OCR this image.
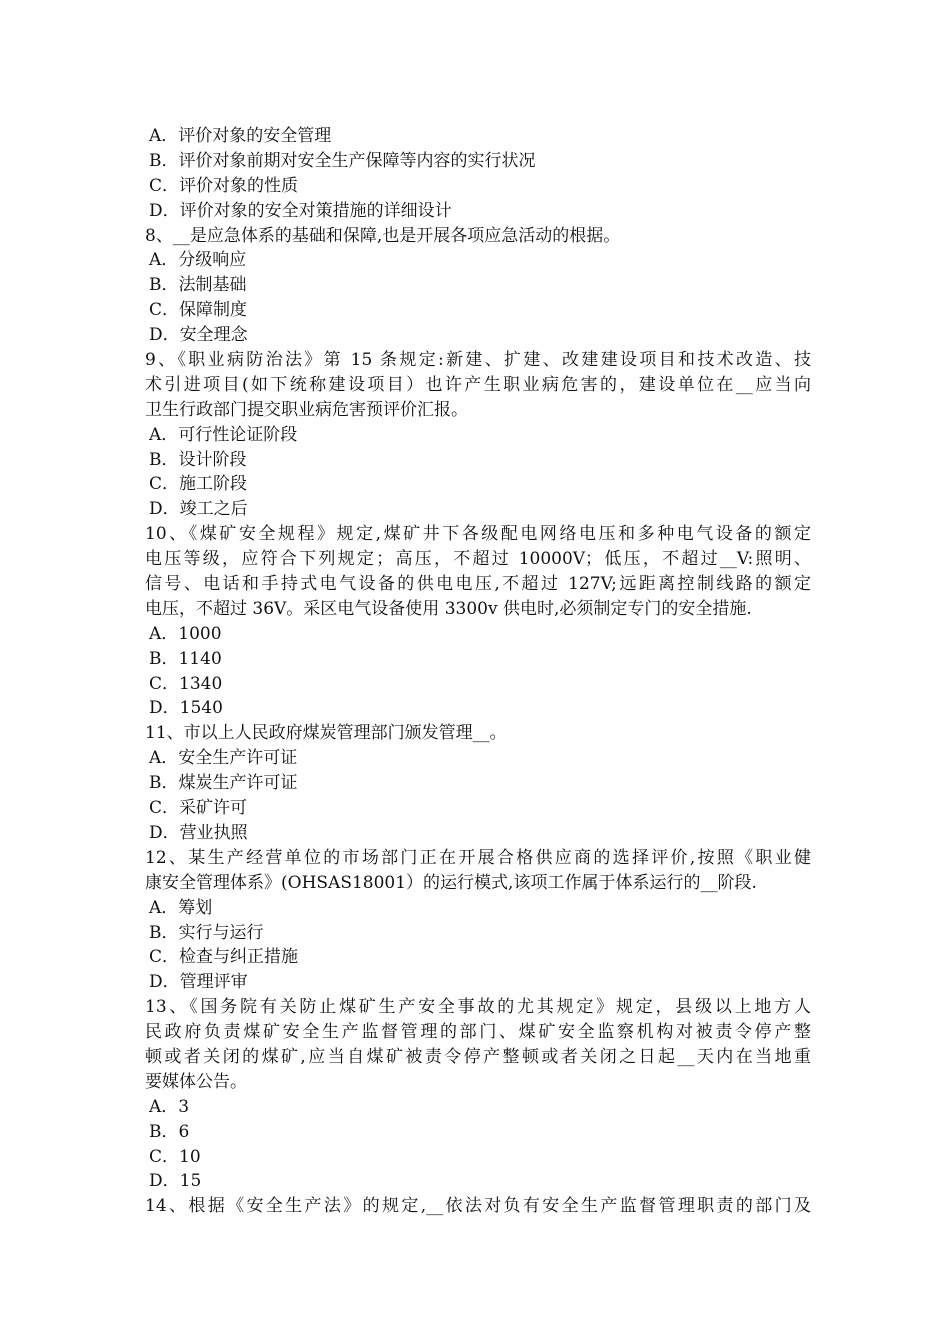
A．评价对象的安全管理
B．评价对象前期对安全生产保障等内容的实行状况
C．评价对象的性质
D．评价对象的安全对策措施的详细设计
8、__是应急体系的基础和保障,也是开展各项应急活动的根据。
A．分级响应
B．法制基础
C．保障制度
D．安全理念
9、《职业病防治法》第 15 条规定:新建、扩建、改建建设项目和技术改造、技
术引进项目(如下统称建设项目）也许产生职业病危害的，建设单位在__应当向
卫生行政部门提交职业病危害预评价汇报。
A．可行性论证阶段
B．设计阶段
C．施工阶段
D．竣工之后
10、《煤矿安全规程》规定,煤矿井下各级配电网络电压和多种电气设备的额定
电压等级，应符合下列规定；高压，不超过 10000V；低压，不超过__V:照明、
信号、电话和手持式电气设备的供电电压,不超过 127V;远距离控制线路的额定
电压，不超过 36V。采区电气设备使用 3300v 供电时,必须制定专门的安全措施.
A．1000
B．1140
C．1340
D．1540
11、市以上人民政府煤炭管理部门颁发管理__。
A．安全生产许可证
B．煤炭生产许可证
C．采矿许可
D．营业执照
12、某生产经营单位的市场部门正在开展合格供应商的选择评价,按照《职业健
康安全管理体系》(OHSAS18001）的运行模式,该项工作属于体系运行的__阶段.
A．筹划
B．实行与运行
C．检查与纠正措施
D．管理评审
13、《国务院有关防止煤矿生产安全事故的尤其规定》规定，县级以上地方人
民政府负责煤矿安全生产监督管理的部门、煤矿安全监察机构对被责令停产整
顿或者关闭的煤矿,应当自煤矿被责令停产整顿或者关闭之日起__天内在当地重
要媒体公告。
A．3
B．6
C．10
D．15
14、根据《安全生产法》的规定,__依法对负有安全生产监督管理职责的部门及
